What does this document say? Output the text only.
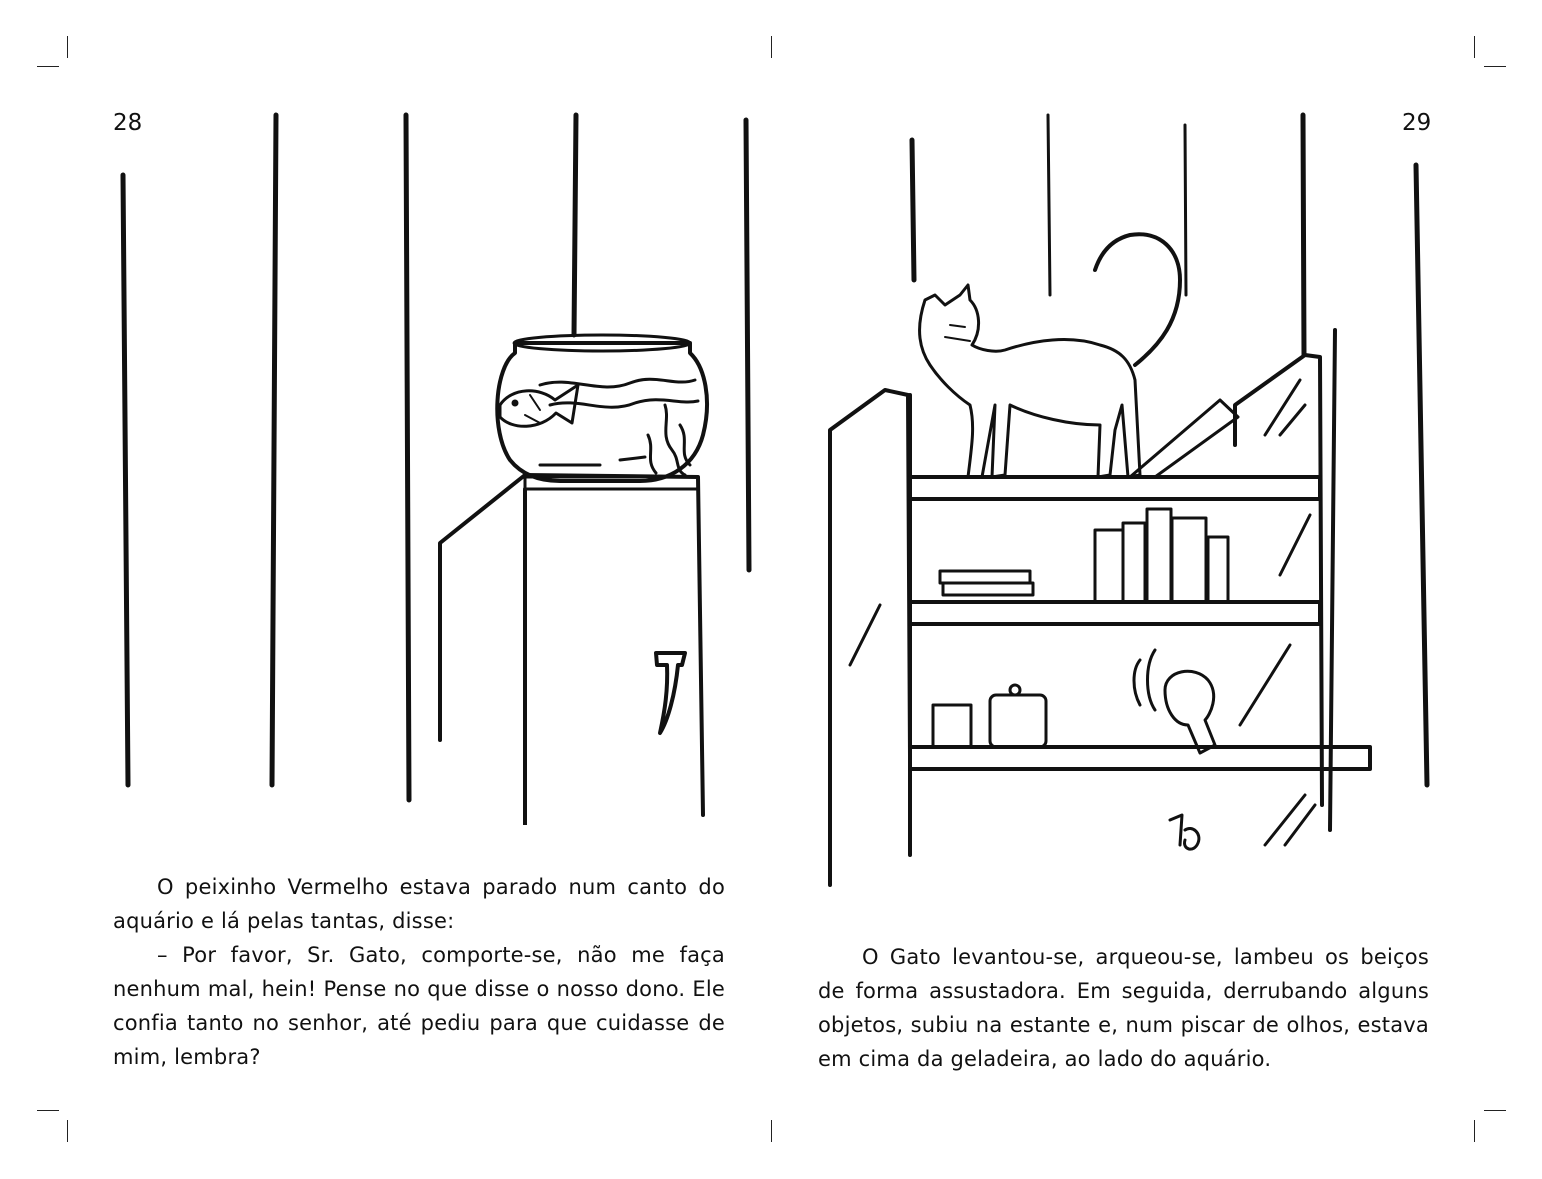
28

O peixinho Vermelho estava parado num canto do aquário e lá pelas tantas, disse:

– Por favor, Sr. Gato, comporte-se, não me faça nenhum mal, hein! Pense no que disse o nosso dono. Ele confia tanto no senhor, até pediu para que cuidasse de mim, lembra?

29

O Gato levantou-se, arqueou-se, lambeu os beiços de forma assustadora. Em seguida, derrubando alguns objetos, subiu na estante e, num piscar de olhos, estava em cima da geladeira, ao lado do aquário.
